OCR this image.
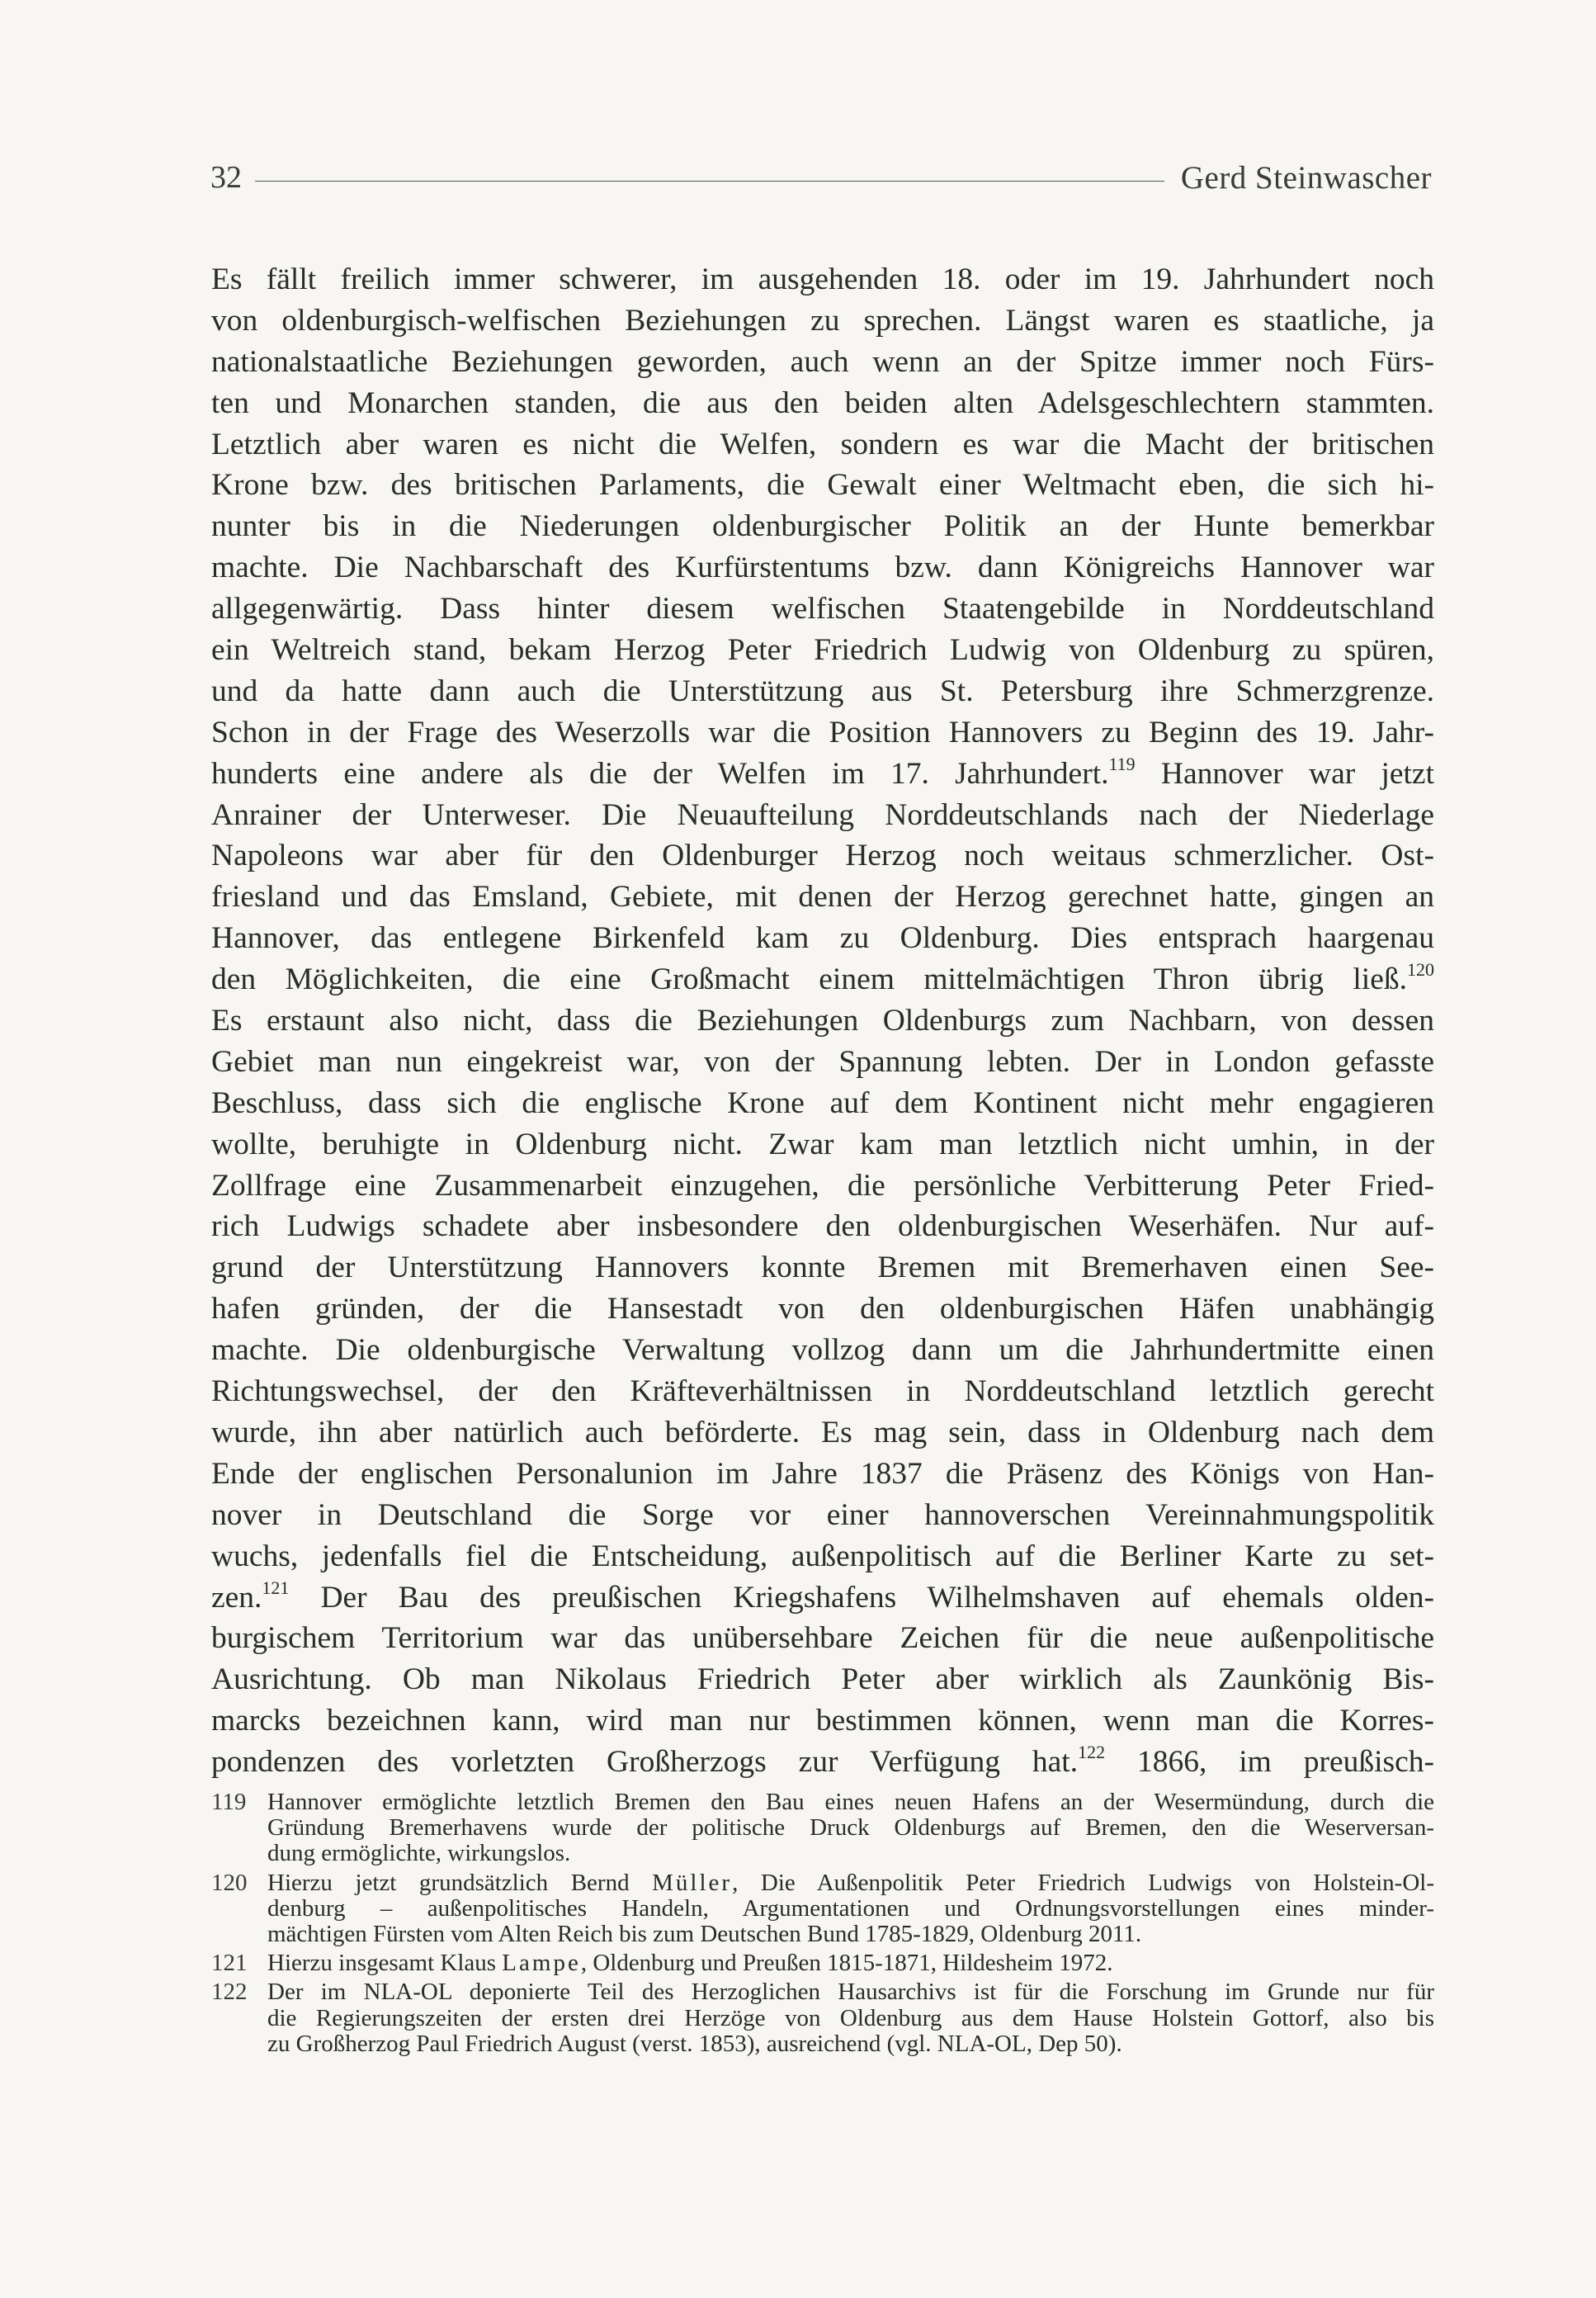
32	Gerd Steinwascher
Es fällt freilich immer schwerer, im ausgehenden 18. oder im 19. Jahrhundert noch
von oldenburgisch-welfischen Beziehungen zu sprechen. Längst waren es staatliche, ja
nationalstaatliche Beziehungen geworden, auch wenn an der Spitze immer noch Fürs-
ten und Monarchen standen, die aus den beiden alten Adelsgeschlechtern stammten.
Letztlich aber waren es nicht die Welfen, sondern es war die Macht der britischen
Krone bzw. des britischen Parlaments, die Gewalt einer Weltmacht eben, die sich hi-
nunter bis in die Niederungen oldenburgischer Politik an der Hunte bemerkbar
machte. Die Nachbarschaft des Kurfürstentums bzw. dann Königreichs Hannover war
allgegenwärtig. Dass hinter diesem welfischen Staatengebilde in Norddeutschland
ein Weltreich stand, bekam Herzog Peter Friedrich Ludwig von Oldenburg zu spüren,
und da hatte dann auch die Unterstützung aus St. Petersburg ihre Schmerzgrenze.
Schon in der Frage des Weserzolls war die Position Hannovers zu Beginn des 19. Jahr-
hunderts eine andere als die der Welfen im 17. Jahrhundert.$^{119}$ Hannover war jetzt
Anrainer der Unterweser. Die Neuaufteilung Norddeutschlands nach der Niederlage
Napoleons war aber für den Oldenburger Herzog noch weitaus schmerzlicher. Ost-
friesland und das Emsland, Gebiete, mit denen der Herzog gerechnet hatte, gingen an
Hannover, das entlegene Birkenfeld kam zu Oldenburg. Dies entsprach haargenau
den Möglichkeiten, die eine Großmacht einem mittelmächtigen Thron übrig ließ.$^{120}$
Es erstaunt also nicht, dass die Beziehungen Oldenburgs zum Nachbarn, von dessen
Gebiet man nun eingekreist war, von der Spannung lebten. Der in London gefasste
Beschluss, dass sich die englische Krone auf dem Kontinent nicht mehr engagieren
wollte, beruhigte in Oldenburg nicht. Zwar kam man letztlich nicht umhin, in der
Zollfrage eine Zusammenarbeit einzugehen, die persönliche Verbitterung Peter Fried-
rich Ludwigs schadete aber insbesondere den oldenburgischen Weserhäfen. Nur auf-
grund der Unterstützung Hannovers konnte Bremen mit Bremerhaven einen See-
hafen gründen, der die Hansestadt von den oldenburgischen Häfen unabhängig
machte. Die oldenburgische Verwaltung vollzog dann um die Jahrhundertmitte einen
Richtungswechsel, der den Kräfteverhältnissen in Norddeutschland letztlich gerecht
wurde, ihn aber natürlich auch beförderte. Es mag sein, dass in Oldenburg nach dem
Ende der englischen Personalunion im Jahre 1837 die Präsenz des Königs von Han-
nover in Deutschland die Sorge vor einer hannoverschen Vereinnahmungspolitik
wuchs, jedenfalls fiel die Entscheidung, außenpolitisch auf die Berliner Karte zu set-
zen.$^{121}$ Der Bau des preußischen Kriegshafens Wilhelmshaven auf ehemals olden-
burgischem Territorium war das unübersehbare Zeichen für die neue außenpolitische
Ausrichtung. Ob man Nikolaus Friedrich Peter aber wirklich als Zaunkönig Bis-
marcks bezeichnen kann, wird man nur bestimmen können, wenn man die Korres-
pondenzen des vorletzten Großherzogs zur Verfügung hat.$^{122}$ 1866, im preußisch-
119 Hannover ermöglichte letztlich Bremen den Bau eines neuen Hafens an der Wesermündung, durch die
Gründung Bremerhavens wurde der politische Druck Oldenburgs auf Bremen, den die Weserversan-
dung ermöglichte, wirkungslos.
120 Hierzu jetzt grundsätzlich Bernd Müller, Die Außenpolitik Peter Friedrich Ludwigs von Holstein-Ol-
denburg – außenpolitisches Handeln, Argumentationen und Ordnungsvorstellungen eines minder-
mächtigen Fürsten vom Alten Reich bis zum Deutschen Bund 1785-1829, Oldenburg 2011.
121 Hierzu insgesamt Klaus Lampe, Oldenburg und Preußen 1815-1871, Hildesheim 1972.
122 Der im NLA-OL deponierte Teil des Herzoglichen Hausarchivs ist für die Forschung im Grunde nur für
die Regierungszeiten der ersten drei Herzöge von Oldenburg aus dem Hause Holstein Gottorf, also bis
zu Großherzog Paul Friedrich August (verst. 1853), ausreichend (vgl. NLA-OL, Dep 50).
